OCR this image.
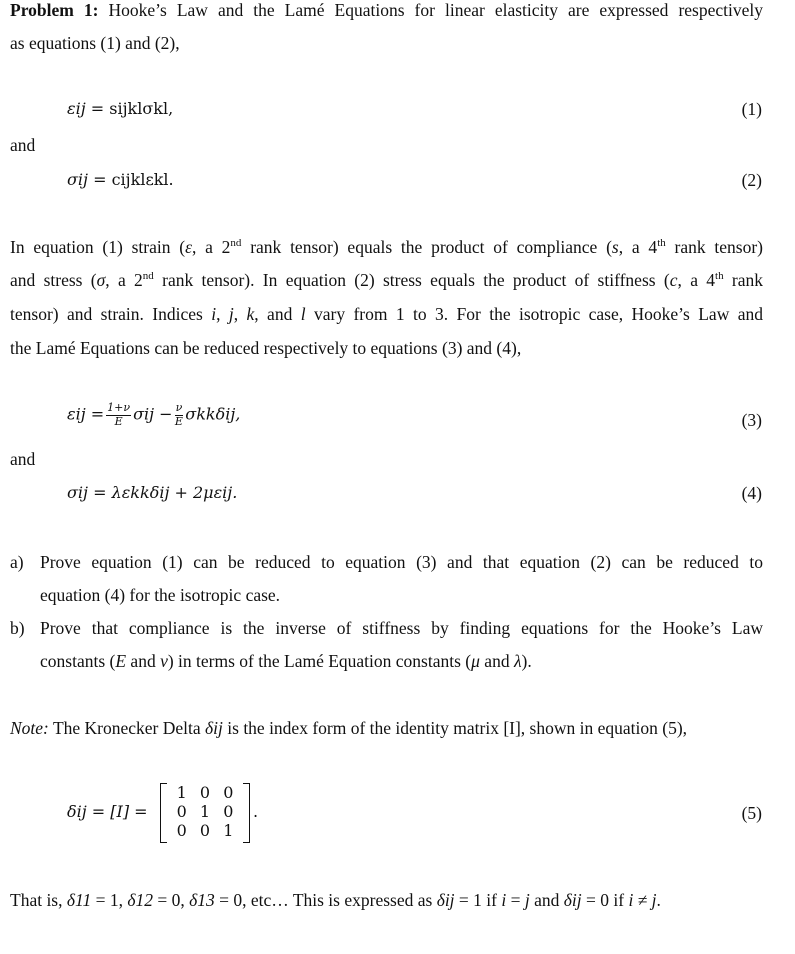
Problem 1: Hooke’s Law and the Lamé Equations for linear elasticity are expressed respectively
as equations (1) and (2),
εij = sijklσkl,	(1)
and
σij = cijklεkl.	(2)
In equation (1) strain (ε, a 2nd rank tensor) equals the product of compliance (s, a 4th rank tensor)
and stress (σ, a 2nd rank tensor). In equation (2) stress equals the product of stiffness (c, a 4th rank
tensor) and strain. Indices i, j, k, and l vary from 1 to 3. For the isotropic case, Hooke’s Law and
the Lamé Equations can be reduced respectively to equations (3) and (4),
$\varepsilon ij = \frac{1+\nu}{E}$ $\sigma ij - \frac{\nu}{E} \sigma kk\delta ij$,	(3)
and
σij = λεkkδij + 2μεij.	(4)
a) Prove equation (1) can be reduced to equation (3) and that equation (2) can be reduced to
equation (4) for the isotropic case.
b) Prove that compliance is the inverse of stiffness by finding equations for the Hooke’s Law
constants (E and v) in terms of the Lamé Equation constants (μ and λ).
Note: The Kronecker Delta δij is the index form of the identity matrix [I], shown in equation (5),
δij = [I] =
1 0 0
0 1 0
0 0 1
.	(5)
That is, δ11 = 1, δ12 = 0, δ13 = 0, etc… This is expressed as δij = 1 if i = j and δij = 0 if i ≠ j.
